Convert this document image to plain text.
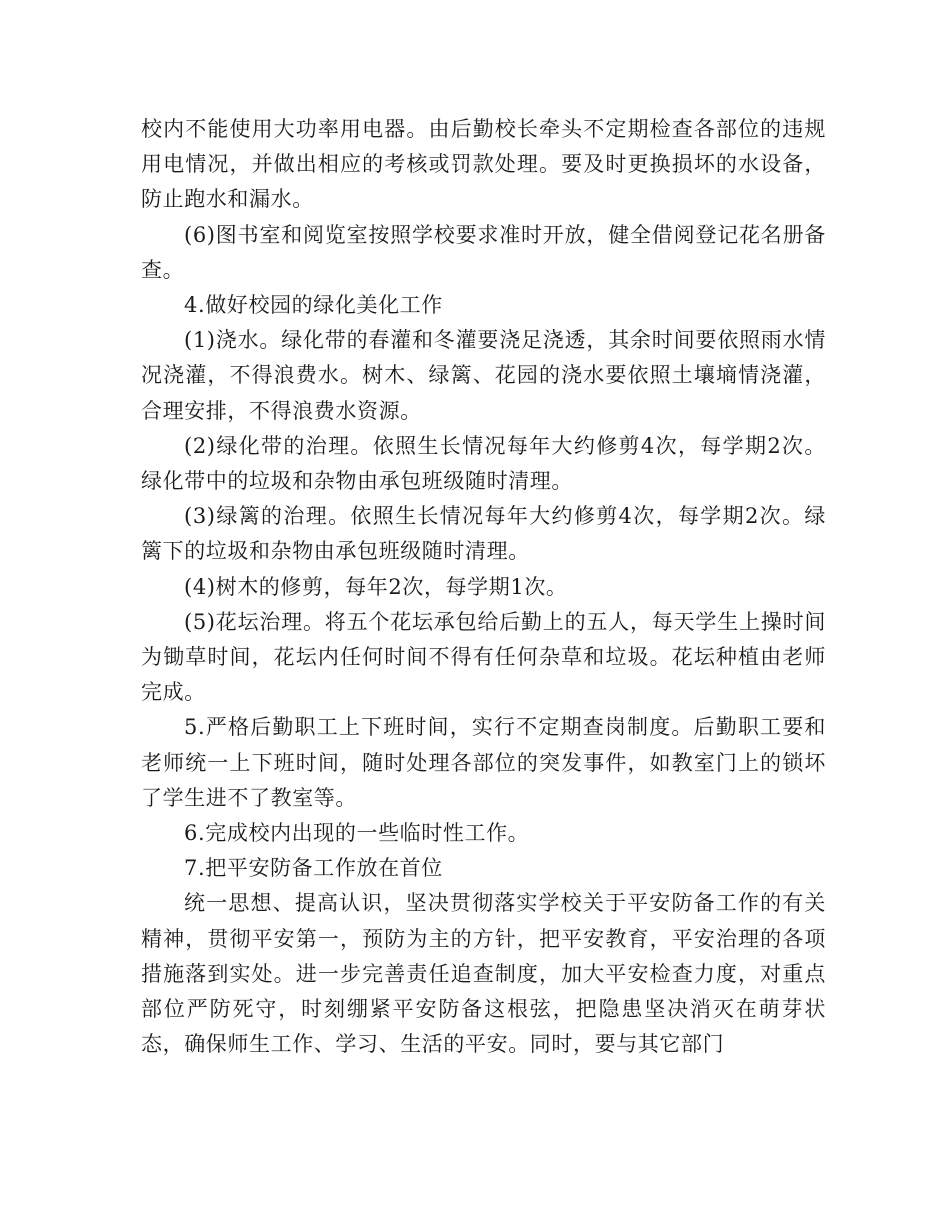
校内不能使用大功率用电器。由后勤校长牵头不定期检查各部位的违规用电情况，并做出相应的考核或罚款处理。要及时更换损坏的水设备，防止跑水和漏水。

(6)图书室和阅览室按照学校要求准时开放，健全借阅登记花名册备查。

4.做好校园的绿化美化工作

(1)浇水。绿化带的春灌和冬灌要浇足浇透，其余时间要依照雨水情况浇灌，不得浪费水。树木、绿篱、花园的浇水要依照土壤墒情浇灌，合理安排，不得浪费水资源。

(2)绿化带的治理。依照生长情况每年大约修剪4次，每学期2次。绿化带中的垃圾和杂物由承包班级随时清理。

(3)绿篱的治理。依照生长情况每年大约修剪4次，每学期2次。绿篱下的垃圾和杂物由承包班级随时清理。

(4)树木的修剪，每年2次，每学期1次。

(5)花坛治理。将五个花坛承包给后勤上的五人，每天学生上操时间为锄草时间，花坛内任何时间不得有任何杂草和垃圾。花坛种植由老师完成。

5.严格后勤职工上下班时间，实行不定期查岗制度。后勤职工要和老师统一上下班时间，随时处理各部位的突发事件，如教室门上的锁坏了学生进不了教室等。

6.完成校内出现的一些临时性工作。

7.把平安防备工作放在首位

统一思想、提高认识，坚决贯彻落实学校关于平安防备工作的有关精神，贯彻平安第一，预防为主的方针，把平安教育，平安治理的各项措施落到实处。进一步完善责任追查制度，加大平安检查力度，对重点部位严防死守，时刻绷紧平安防备这根弦，把隐患坚决消灭在萌芽状态，确保师生工作、学习、生活的平安。同时，要与其它部门
